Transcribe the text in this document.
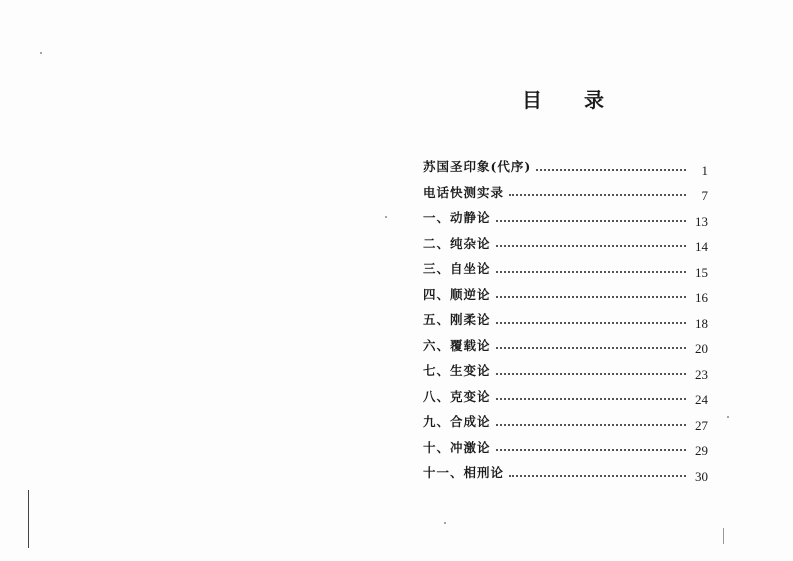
目 录
苏国圣印象(代序)	1
电话快测实录	7
一、动静论	13
二、纯杂论	14
三、自坐论	15
四、顺逆论	16
五、刚柔论	18
六、覆载论	20
七、生变论	23
八、克变论	24
九、合成论	27
十、冲激论	29
十一、相刑论	30
